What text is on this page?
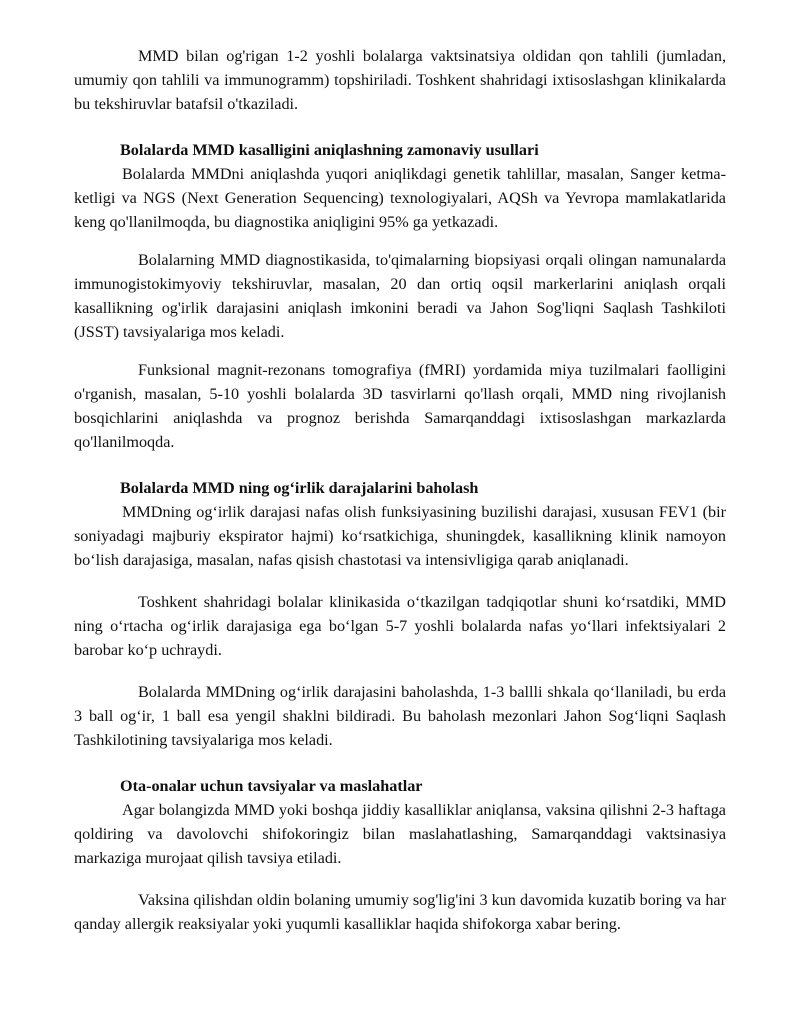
MMD bilan og'rigan 1-2 yoshli bolalarga vaktsinatsiya oldidan qon tahlili (jumladan, umumiy qon tahlili va immunogramm) topshiriladi. Toshkent shahridagi ixtisoslashgan klinikalarda bu tekshiruvlar batafsil o'tkaziladi.

Bolalarda MMD kasalligini aniqlashning zamonaviy usullari

Bolalarda MMDni aniqlashda yuqori aniqlikdagi genetik tahlillar, masalan, Sanger ketma-ketligi va NGS (Next Generation Sequencing) texnologiyalari, AQSh va Yevropa mamlakatlarida keng qo'llanilmoqda, bu diagnostika aniqligini 95% ga yetkazadi.

Bolalarning MMD diagnostikasida, to'qimalarning biopsiyasi orqali olingan namunalarda immunogistokimyoviy tekshiruvlar, masalan, 20 dan ortiq oqsil markerlarini aniqlash orqali kasallikning og'irlik darajasini aniqlash imkonini beradi va Jahon Sog'liqni Saqlash Tashkiloti (JSST) tavsiyalariga mos keladi.

Funksional magnit-rezonans tomografiya (fMRI) yordamida miya tuzilmalari faolligini o'rganish, masalan, 5-10 yoshli bolalarda 3D tasvirlarni qo'llash orqali, MMD ning rivojlanish bosqichlarini aniqlashda va prognoz berishda Samarqanddagi ixtisoslashgan markazlarda qo'llanilmoqda.

Bolalarda MMD ning og‘irlik darajalarini baholash

MMDning og‘irlik darajasi nafas olish funksiyasining buzilishi darajasi, xususan FEV1 (bir soniyadagi majburiy ekspirator hajmi) ko‘rsatkichiga, shuningdek, kasallikning klinik namoyon bo‘lish darajasiga, masalan, nafas qisish chastotasi va intensivligiga qarab aniqlanadi.

Toshkent shahridagi bolalar klinikasida o‘tkazilgan tadqiqotlar shuni ko‘rsatdiki, MMD ning o‘rtacha og‘irlik darajasiga ega bo‘lgan 5-7 yoshli bolalarda nafas yo‘llari infektsiyalari 2 barobar ko‘p uchraydi.

Bolalarda MMDning og‘irlik darajasini baholashda, 1-3 ballli shkala qo‘llaniladi, bu erda 3 ball og‘ir, 1 ball esa yengil shaklni bildiradi. Bu baholash mezonlari Jahon Sog‘liqni Saqlash Tashkilotining tavsiyalariga mos keladi.

Ota-onalar uchun tavsiyalar va maslahatlar

Agar bolangizda MMD yoki boshqa jiddiy kasalliklar aniqlansa, vaksina qilishni 2-3 haftaga qoldiring va davolovchi shifokoringiz bilan maslahatlashing, Samarqanddagi vaktsinasiya markaziga murojaat qilish tavsiya etiladi.

Vaksina qilishdan oldin bolaning umumiy sog'lig'ini 3 kun davomida kuzatib boring va har qanday allergik reaksiyalar yoki yuqumli kasalliklar haqida shifokorga xabar bering.
